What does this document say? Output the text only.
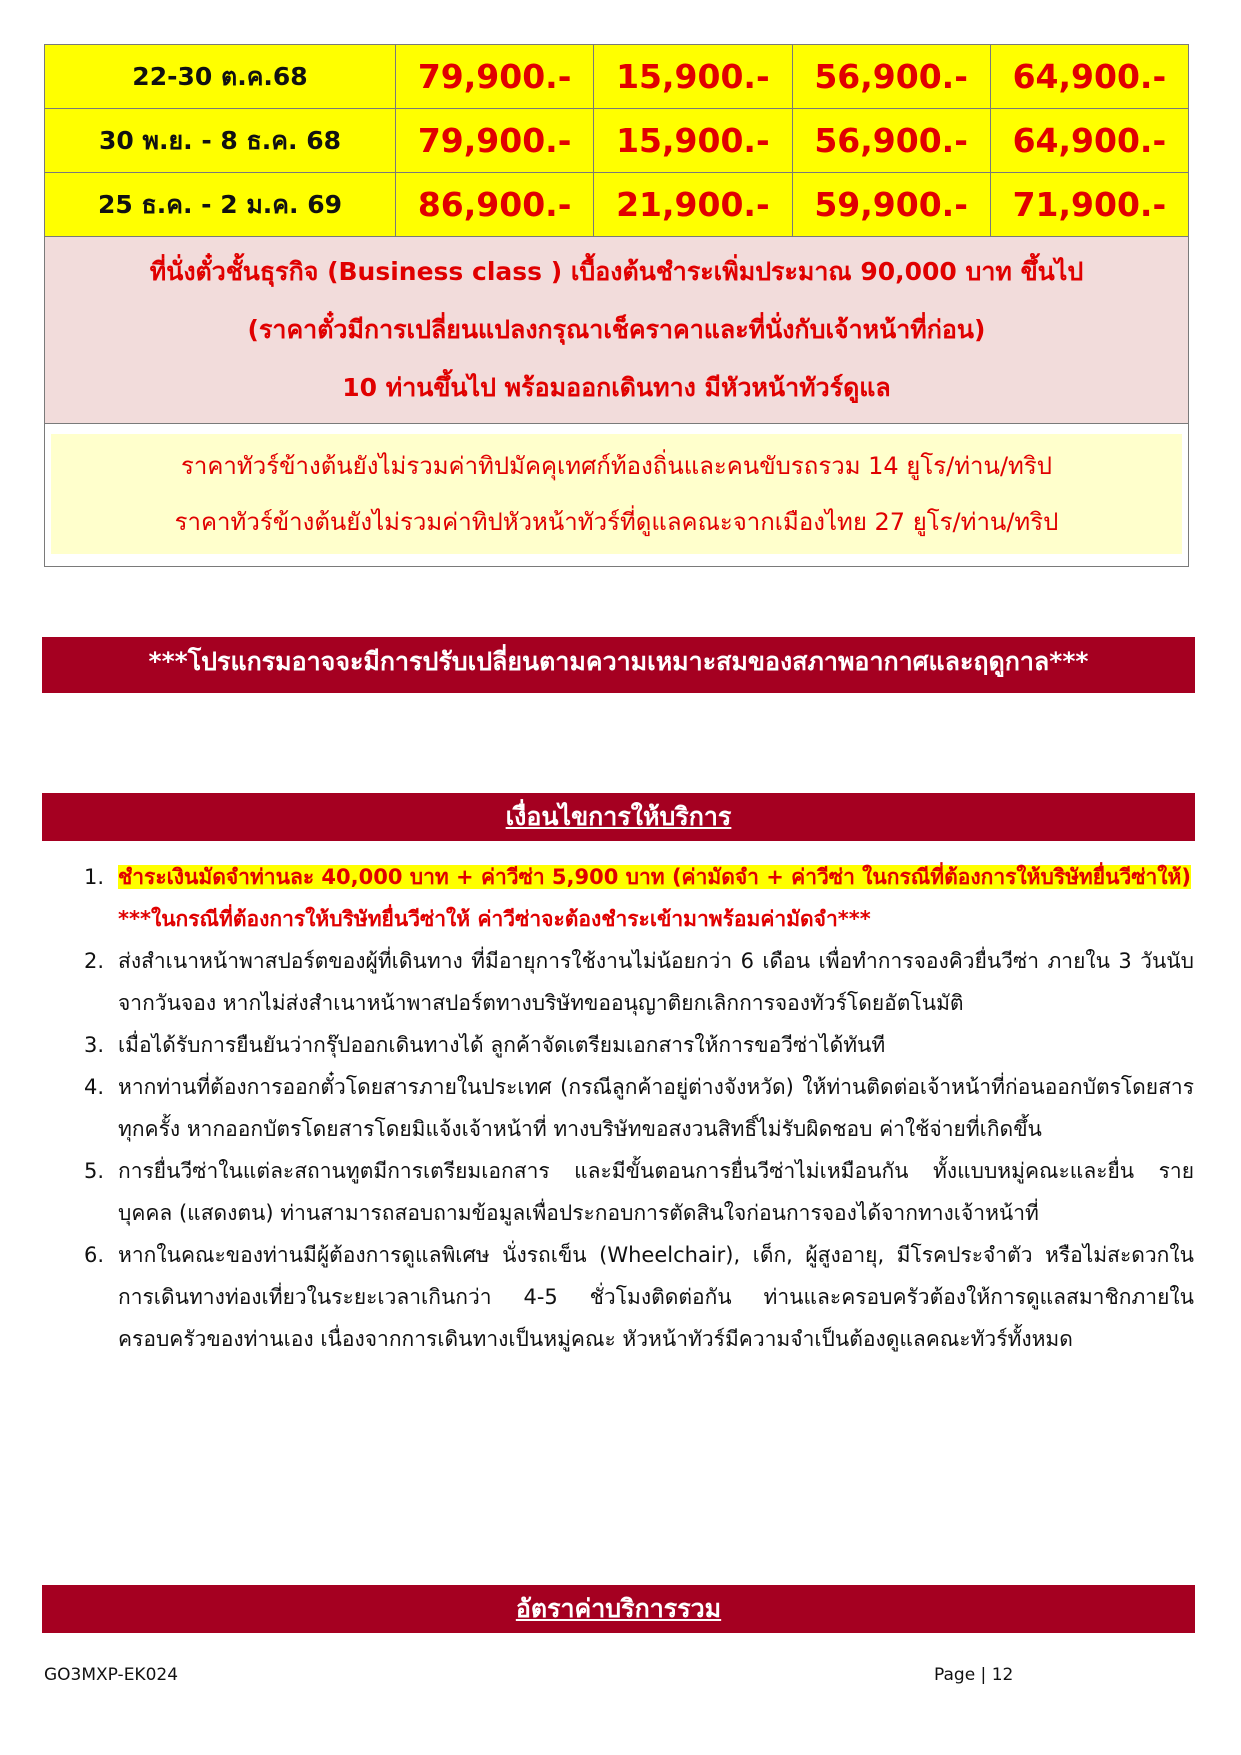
22-30 ต.ค.68	79,900.-	15,900.-	56,900.-	64,900.-
30 พ.ย. - 8 ธ.ค. 68	79,900.-	15,900.-	56,900.-	64,900.-
25 ธ.ค. - 2 ม.ค. 69	86,900.-	21,900.-	59,900.-	71,900.-

ที่นั่งตั๋วชั้นธุรกิจ (Business class ) เบื้องต้นชำระเพิ่มประมาณ 90,000 บาท ขึ้นไป
(ราคาตั๋วมีการเปลี่ยนแปลงกรุณาเช็คราคาและที่นั่งกับเจ้าหน้าที่ก่อน)
10 ท่านขึ้นไป พร้อมออกเดินทาง มีหัวหน้าทัวร์ดูแล				

ราคาทัวร์ข้างต้นยังไม่รวมค่าทิปมัคคุเทศก์ท้องถิ่นและคนขับรถรวม 14 ยูโร/ท่าน/ทริป
ราคาทัวร์ข้างต้นยังไม่รวมค่าทิปหัวหน้าทัวร์ที่ดูแลคณะจากเมืองไทย 27 ยูโร/ท่าน/ทริป				
***โปรแกรมอาจจะมีการปรับเปลี่ยนตามความเหมาะสมของสภาพอากาศและฤดูกาล***
เงื่อนไขการให้บริการ
1. ชำระเงินมัดจำท่านละ 40,000 บาท + ค่าวีซ่า 5,900 บาท (ค่ามัดจำ + ค่าวีซ่า ในกรณีที่ต้องการให้บริษัทยื่นวีซ่าให้)
***ในกรณีที่ต้องการให้บริษัทยื่นวีซ่าให้ ค่าวีซ่าจะต้องชำระเข้ามาพร้อมค่ามัดจำ***
2. ส่งสำเนาหน้าพาสปอร์ตของผู้ที่เดินทาง ที่มีอายุการใช้งานไม่น้อยกว่า 6 เดือน เพื่อทำการจองคิวยื่นวีซ่า ภายใน 3 วันนับจากวันจอง หากไม่ส่งสำเนาหน้าพาสปอร์ตทางบริษัทขออนุญาติยกเลิกการจองทัวร์โดยอัตโนมัติ
3. เมื่อได้รับการยืนยันว่ากรุ๊ปออกเดินทางได้ ลูกค้าจัดเตรียมเอกสารให้การขอวีซ่าได้ทันที
4. หากท่านที่ต้องการออกตั๋วโดยสารภายในประเทศ (กรณีลูกค้าอยู่ต่างจังหวัด) ให้ท่านติดต่อเจ้าหน้าที่ก่อนออกบัตรโดยสารทุกครั้ง หากออกบัตรโดยสารโดยมิแจ้งเจ้าหน้าที่ ทางบริษัทขอสงวนสิทธิ์ไม่รับผิดชอบ ค่าใช้จ่ายที่เกิดขึ้น
5. การยื่นวีซ่าในแต่ละสถานทูตมีการเตรียมเอกสาร และมีขั้นตอนการยื่นวีซ่าไม่เหมือนกัน ทั้งแบบหมู่คณะและยื่น รายบุคคล (แสดงตน) ท่านสามารถสอบถามข้อมูลเพื่อประกอบการตัดสินใจก่อนการจองได้จากทางเจ้าหน้าที่
6. หากในคณะของท่านมีผู้ต้องการดูแลพิเศษ นั่งรถเข็น (Wheelchair), เด็ก, ผู้สูงอายุ, มีโรคประจำตัว หรือไม่สะดวกใน การเดินทางท่องเที่ยวในระยะเวลาเกินกว่า 4-5 ชั่วโมงติดต่อกัน ท่านและครอบครัวต้องให้การดูแลสมาชิกภายในครอบครัวของท่านเอง เนื่องจากการเดินทางเป็นหมู่คณะ หัวหน้าทัวร์มีความจำเป็นต้องดูแลคณะทัวร์ทั้งหมด
อัตราค่าบริการรวม
GO3MXP-EK024	Page | 12
